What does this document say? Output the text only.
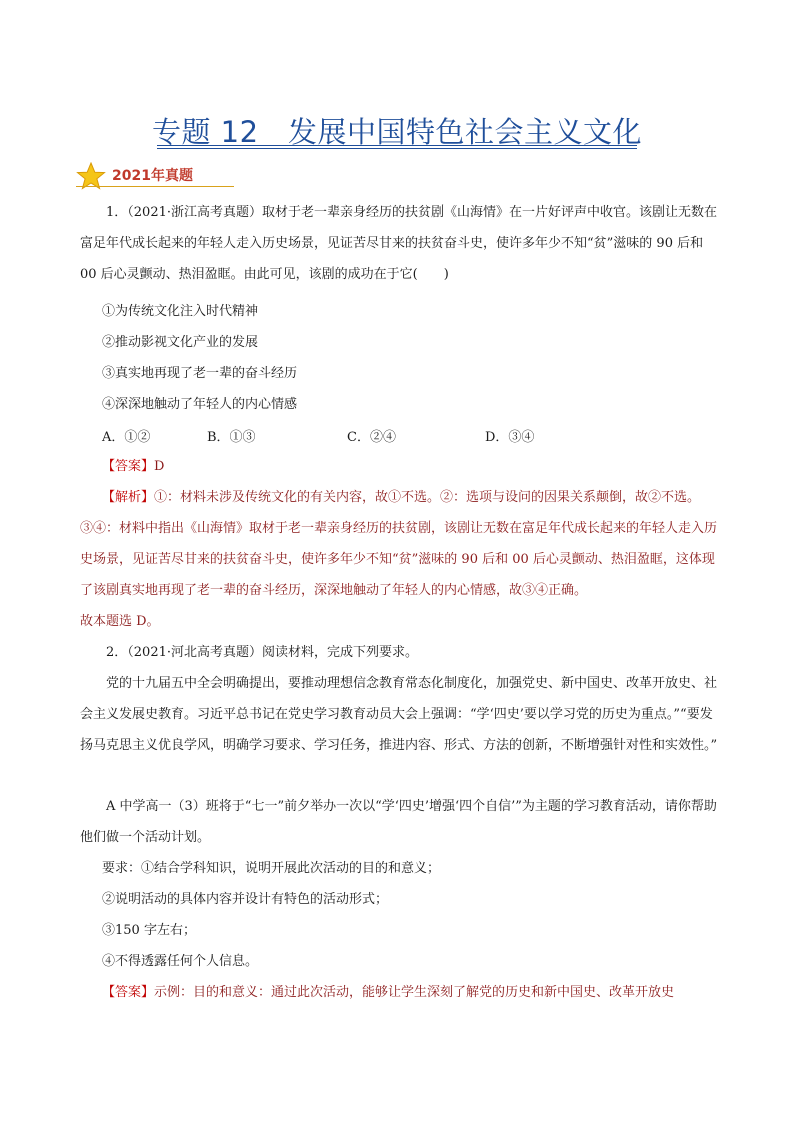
专题 12　发展中国特色社会主义文化
2021年真题

1．（2021·浙江高考真题）取材于老一辈亲身经历的扶贫剧《山海情》在一片好评声中收官。该剧让无数在富足年代成长起来的年轻人走入历史场景，见证苦尽甘来的扶贫奋斗史，使许多年少不知“贫”滋味的 90 后和 00 后心灵颤动、热泪盈眶。由此可见，该剧的成功在于它(　　)

①为传统文化注入时代精神

②推动影视文化产业的发展

③真实地再现了老一辈的奋斗经历

④深深地触动了年轻人的内心情感

A．①②	B．①③	C．②④	D．③④

【答案】D

【解析】①：材料未涉及传统文化的有关内容，故①不选。②：选项与设问的因果关系颠倒，故②不选。③④：材料中指出《山海情》取材于老一辈亲身经历的扶贫剧，该剧让无数在富足年代成长起来的年轻人走入历史场景，见证苦尽甘来的扶贫奋斗史，使许多年少不知“贫”滋味的 90 后和 00 后心灵颤动、热泪盈眶，这体现了该剧真实地再现了老一辈的奋斗经历，深深地触动了年轻人的内心情感，故③④正确。

故本题选 D。

2．（2021·河北高考真题）阅读材料，完成下列要求。

党的十九届五中全会明确提出，要推动理想信念教育常态化制度化，加强党史、新中国史、改革开放史、社会主义发展史教育。习近平总书记在党史学习教育动员大会上强调：“学‘四史’要以学习党的历史为重点。”“要发扬马克思主义优良学风，明确学习要求、学习任务，推进内容、形式、方法的创新，不断增强针对性和实效性。”

A 中学高一（3）班将于“七一”前夕举办一次以“学‘四史’增强‘四个自信’”为主题的学习教育活动，请你帮助他们做一个活动计划。

要求：①结合学科知识，说明开展此次活动的目的和意义；

②说明活动的具体内容并设计有特色的活动形式；

③150 字左右；

④不得透露任何个人信息。

【答案】示例：目的和意义：通过此次活动，能够让学生深刻了解党的历史和新中国史、改革开放史
